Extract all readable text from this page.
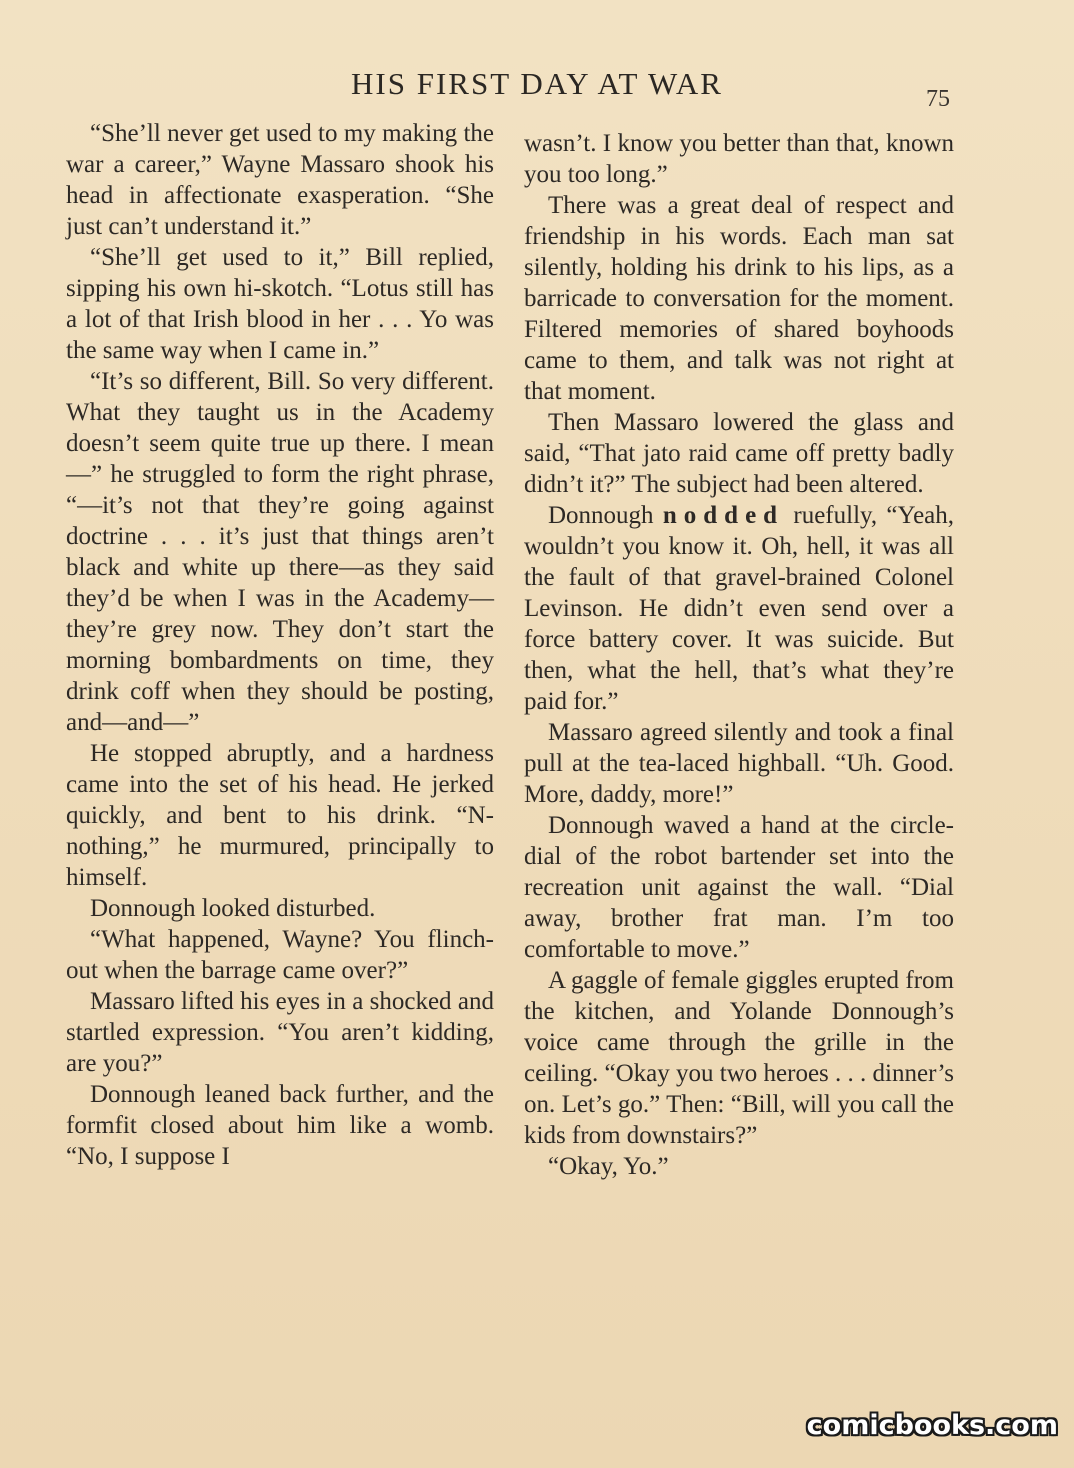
HIS FIRST DAY AT WAR	75

“She’ll never get used to my making the war a career,” Wayne Massaro shook his head in affectionate exasperation. “She just can’t understand it.”

“She’ll get used to it,” Bill replied, sipping his own hi-skotch. “Lotus still has a lot of that Irish blood in her . . . Yo was the same way when I came in.”

“It’s so different, Bill. So very different. What they taught us in the Academy doesn’t seem quite true up there. I mean—” he struggled to form the right phrase, “—it’s not that they’re going against doctrine . . . it’s just that things aren’t black and white up there—as they said they’d be when I was in the Academy—they’re grey now. They don’t start the morning bombardments on time, they drink coff when they should be posting, and—and—”

He stopped abruptly, and a hardness came into the set of his head. He jerked quickly, and bent to his drink. “N-nothing,” he murmured, principally to himself.

Donnough looked disturbed.

“What happened, Wayne? You flinch-out when the barrage came over?”

Massaro lifted his eyes in a shocked and startled expression. “You aren’t kidding, are you?”

Donnough leaned back further, and the formfit closed about him like a womb. “No, I suppose I

wasn’t. I know you better than that, known you too long.”

There was a great deal of respect and friendship in his words. Each man sat silently, holding his drink to his lips, as a barricade to conversation for the moment. Filtered memories of shared boyhoods came to them, and talk was not right at that moment.

Then Massaro lowered the glass and said, “That jato raid came off pretty badly didn’t it?” The subject had been altered.

Donnough nodded ruefully, “Yeah, wouldn’t you know it. Oh, hell, it was all the fault of that gravel-brained Colonel Levinson. He didn’t even send over a force battery cover. It was suicide. But then, what the hell, that’s what they’re paid for.”

Massaro agreed silently and took a final pull at the tea-laced highball. “Uh. Good. More, daddy, more!”

Donnough waved a hand at the circle-dial of the robot bartender set into the recreation unit against the wall. “Dial away, brother frat man. I’m too comfortable to move.”

A gaggle of female giggles erupted from the kitchen, and Yolande Donnough’s voice came through the grille in the ceiling. “Okay you two heroes . . . dinner’s on. Let’s go.” Then: “Bill, will you call the kids from downstairs?”

“Okay, Yo.”

comicbooks.com
